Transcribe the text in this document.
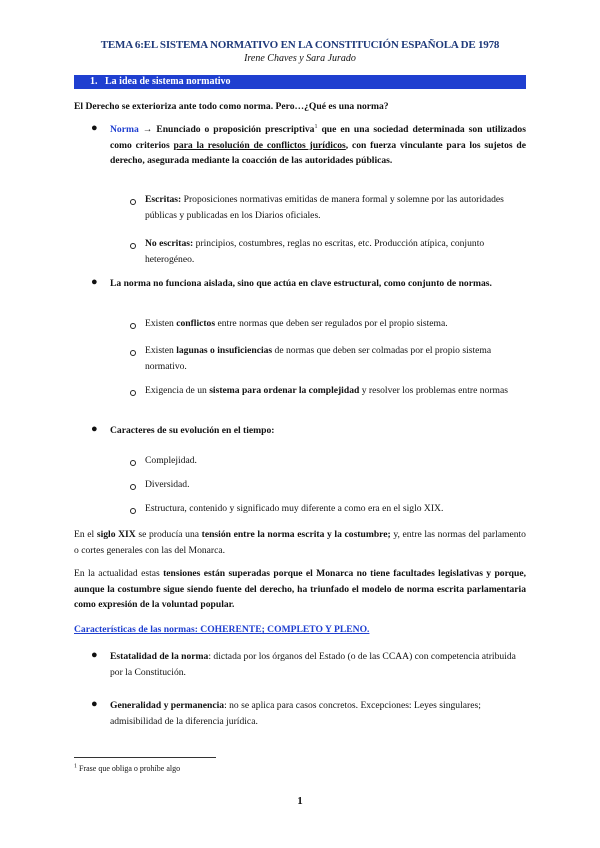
TEMA 6:EL SISTEMA NORMATIVO EN LA CONSTITUCIÓN ESPAÑOLA DE 1978
Irene Chaves y Sara Jurado
1. La idea de sistema normativo
El Derecho se exterioriza ante todo como norma. Pero…¿Qué es una norma?
● Norma → Enunciado o proposición prescriptiva$^1$ que en una sociedad determinada son utilizados como criterios para la resolución de conflictos jurídicos, con fuerza vinculante para los sujetos de derecho, asegurada mediante la coacción de las autoridades públicas.
Escritas: Proposiciones normativas emitidas de manera formal y solemne por las autoridades públicas y publicadas en los Diarios oficiales.
No escritas: principios, costumbres, reglas no escritas, etc. Producción atípica, conjunto heterogéneo.
● La norma no funciona aislada, sino que actúa en clave estructural, como conjunto de normas.
Existen conflictos entre normas que deben ser regulados por el propio sistema.
Existen lagunas o insuficiencias de normas que deben ser colmadas por el propio sistema normativo.
Exigencia de un sistema para ordenar la complejidad y resolver los problemas entre normas
● Caracteres de su evolución en el tiempo:
Complejidad.
Diversidad.
Estructura, contenido y significado muy diferente a como era en el siglo XIX.
En el siglo XIX se producía una tensión entre la norma escrita y la costumbre; y, entre las normas del parlamento o cortes generales con las del Monarca.
En la actualidad estas tensiones están superadas porque el Monarca no tiene facultades legislativas y porque, aunque la costumbre sigue siendo fuente del derecho, ha triunfado el modelo de norma escrita parlamentaria como expresión de la voluntad popular.
Características de las normas: COHERENTE; COMPLETO Y PLENO.
● Estatalidad de la norma: dictada por los órganos del Estado (o de las CCAA) con competencia atribuida por la Constitución.
● Generalidad y permanencia: no se aplica para casos concretos. Excepciones: Leyes singulares; admisibilidad de la diferencia jurídica.
$^1$ Frase que obliga o prohíbe algo
1
